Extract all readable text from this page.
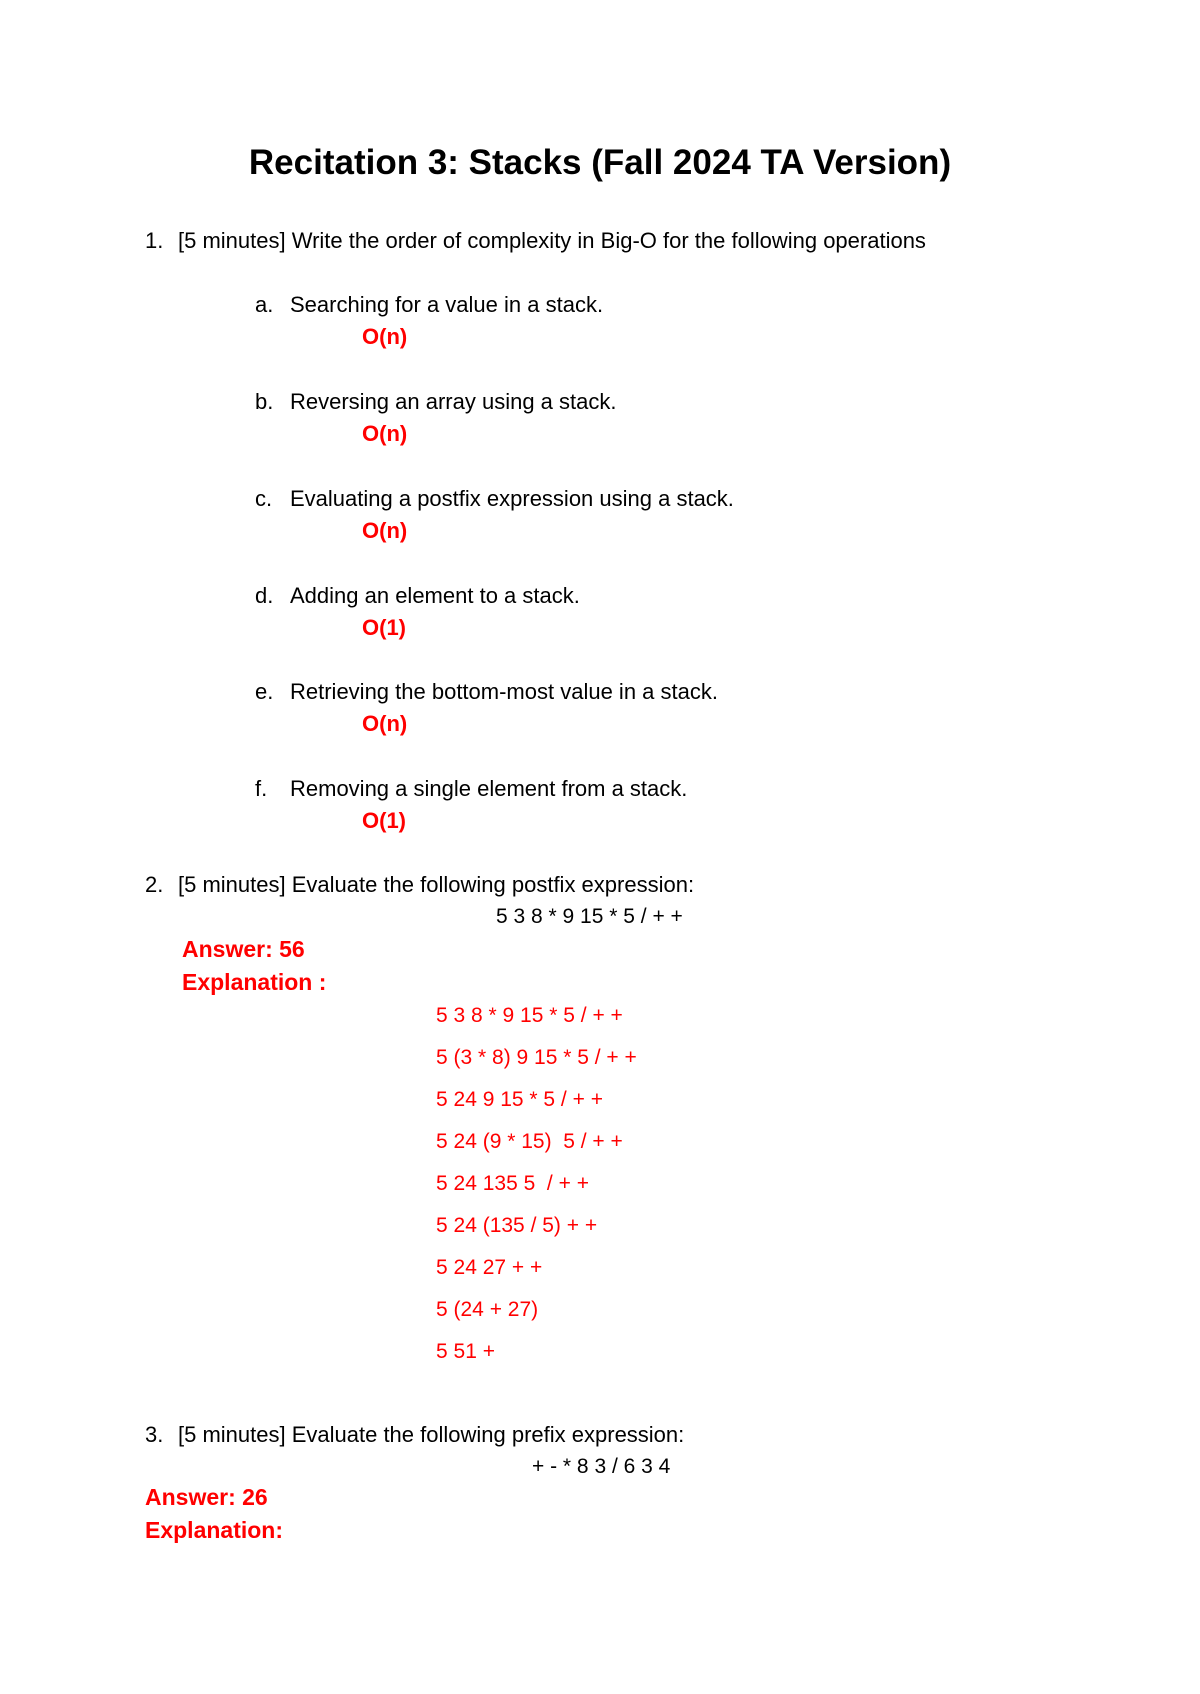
Recitation 3: Stacks (Fall 2024 TA Version)
1. [5 minutes] Write the order of complexity in Big-O for the following operations
a. Searching for a value in a stack.
O(n)
b. Reversing an array using a stack.
O(n)
c. Evaluating a postfix expression using a stack.
O(n)
d. Adding an element to a stack.
O(1)
e. Retrieving the bottom-most value in a stack.
O(n)
f. Removing a single element from a stack.
O(1)
2. [5 minutes] Evaluate the following postfix expression:
5 3 8 * 9 15 * 5 / + +
Answer: 56
Explanation :
5 3 8 * 9 15 * 5 / + +
5 (3 * 8) 9 15 * 5 / + +
5 24 9 15 * 5 / + +
5 24 (9 * 15)  5 / + +
5 24 135 5  / + +
5 24 (135 / 5) + +
5 24 27 + +
5 (24 + 27)
5 51 +
3. [5 minutes] Evaluate the following prefix expression:
+ - * 8 3 / 6 3 4
Answer: 26
Explanation:
